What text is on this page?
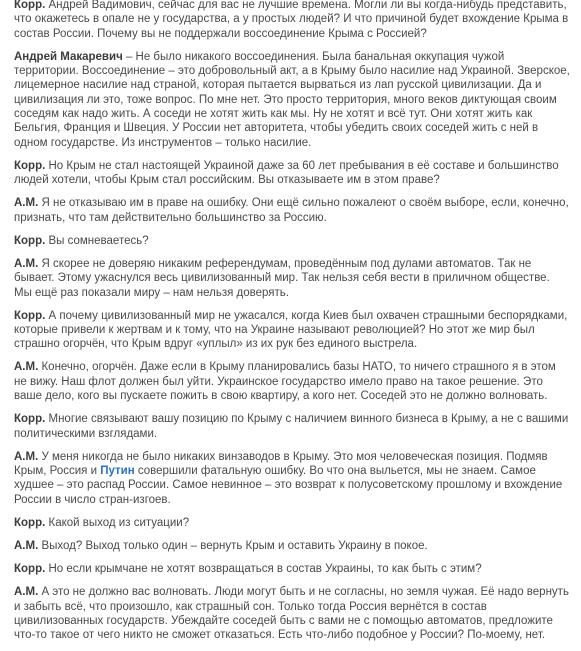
Корр. Андрей Вадимович, сейчас для вас не лучшие времена. Могли ли вы когда-нибудь представить, что окажетесь в опале не у государства, а у простых людей? И что причиной будет вхождение Крыма в состав России. Почему вы не поддержали воссоединение Крыма с Россией?

Андрей Макаревич – Не было никакого воссоединения. Была банальная оккупация чужой территории. Воссоединение – это добровольный акт, а в Крыму было насилие над Украиной. Зверское, лицемерное насилие над страной, которая пытается вырваться из лап русской цивилизации. Да и цивилизация ли это, тоже вопрос. По мне нет. Это просто территория, много веков диктующая своим соседям как надо жить. А соседи не хотят жить как мы. Ну не хотят и всё тут. Они хотят жить как Бельгия, Франция и Швеция. У России нет авторитета, чтобы убедить своих соседей жить с ней в одном государстве. Из инструментов – только насилие.

Корр. Но Крым не стал настоящей Украиной даже за 60 лет пребывания в её составе и большинство людей хотели, чтобы Крым стал российским. Вы отказываете им в этом праве?

А.М. Я не отказываю им в праве на ошибку. Они ещё сильно пожалеют о своём выборе, если, конечно, признать, что там действительно большинство за Россию.

Корр. Вы сомневаетесь?

А.М. Я скорее не доверяю никаким референдумам, проведённым под дулами автоматов. Так не бывает. Этому ужаснулся весь цивилизованный мир. Так нельзя себя вести в приличном обществе. Мы ещё раз показали миру – нам нельзя доверять.

Корр. А почему цивилизованный мир не ужасался, когда Киев был охвачен страшными беспорядками, которые привели к жертвам и к тому, что на Украине называют революцией? Но этот же мир был страшно огорчён, что Крым вдруг «уплыл» из их рук без единого выстрела.

А.М. Конечно, огорчён. Даже если в Крыму планировались базы НАТО, то ничего страшного я в этом не вижу. Наш флот должен был уйти. Украинское государство имело право на такое решение. Это ваше дело, кого вы пускаете пожить в свою квартиру, а кого нет. Соседей это не должно волновать.

Корр. Многие связывают вашу позицию по Крыму с наличием винного бизнеса в Крыму, а не с вашими политическими взглядами.

А.М. У меня никогда не было никаких винзаводов в Крыму. Это моя человеческая позиция. Подмяв Крым, Россия и Путин совершили фатальную ошибку. Во что она выльется, мы не знаем. Самое худшее – это распад России. Самое невинное – это возврат к полусоветскому прошлому и вхождение России в число стран-изгоев.

Корр. Какой выход из ситуации?

А.М. Выход? Выход только один – вернуть Крым и оставить Украину в покое.

Корр. Но если крымчане не хотят возвращаться в состав Украины, то как быть с этим?

А.М. А это не должно вас волновать. Люди могут быть и не согласны, но земля чужая. Её надо вернуть и забыть всё, что произошло, как страшный сон. Только тогда Россия вернётся в состав цивилизованных государств. Убеждайте соседей быть с вами не с помощью автоматов, предложите что-то такое от чего никто не сможет отказаться. Есть что-либо подобное у России? По-моему, нет.
